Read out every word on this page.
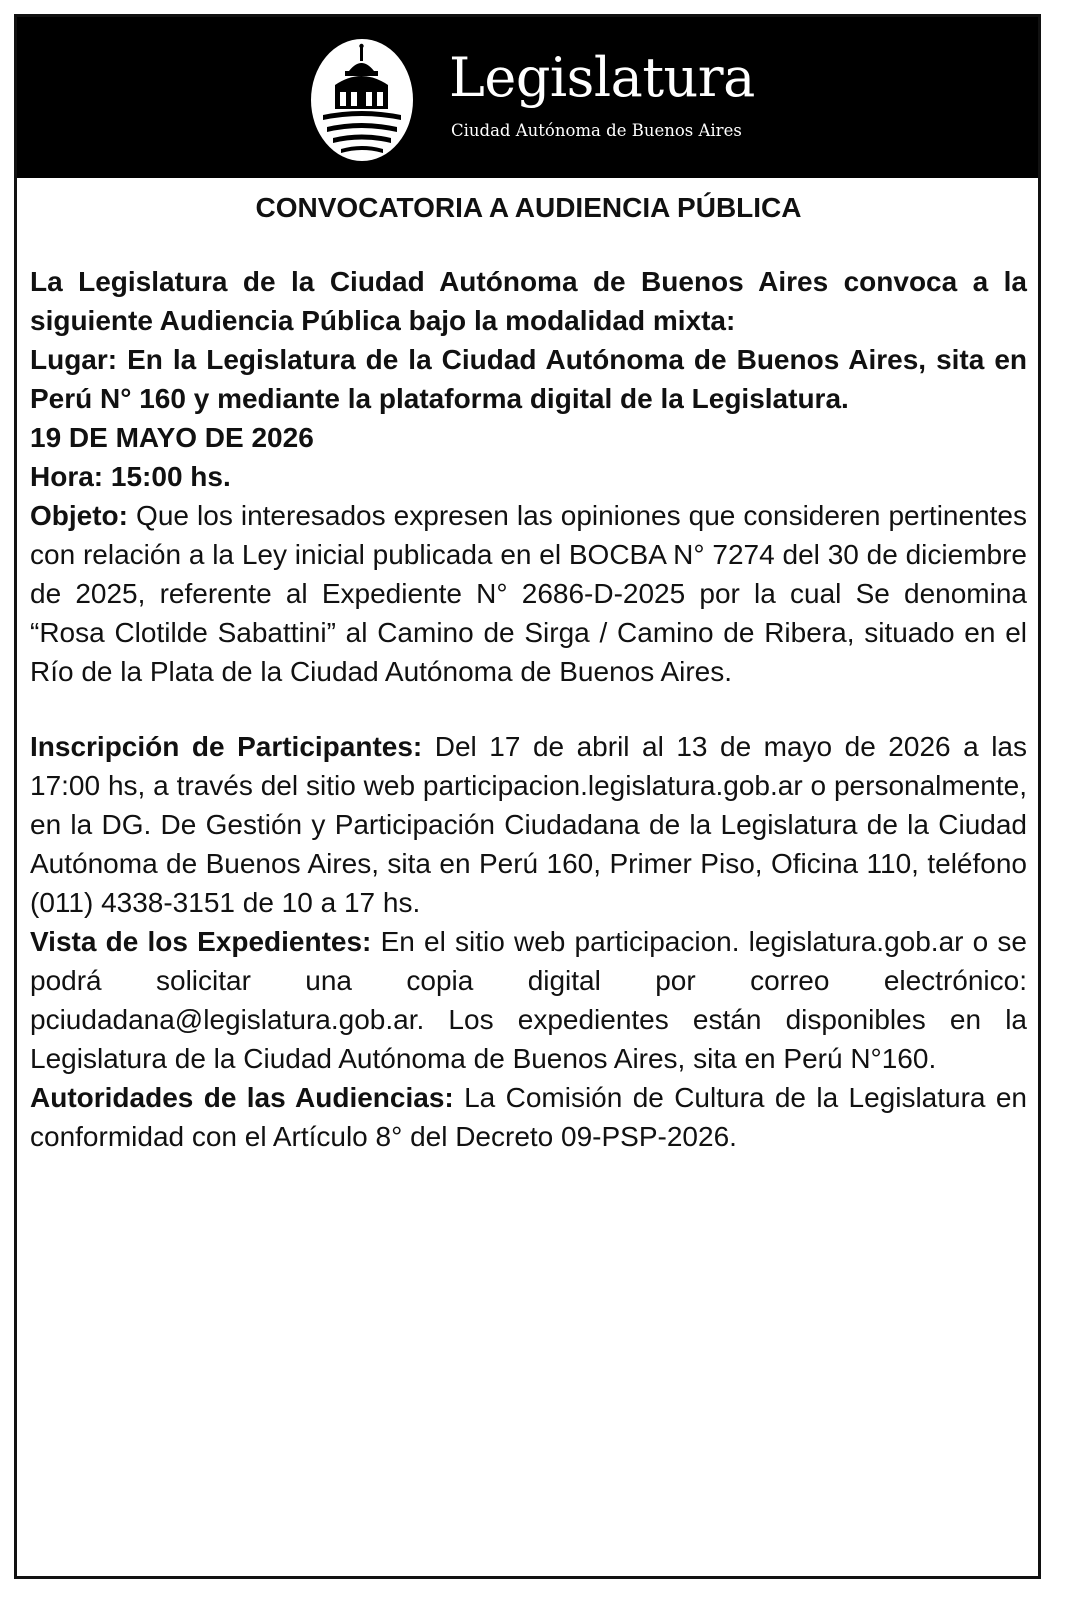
Legislatura
Ciudad Autónoma de Buenos Aires

CONVOCATORIA A AUDIENCIA PÚBLICA

La Legislatura de la Ciudad Autónoma de Buenos Aires convoca a la siguiente Audiencia Pública bajo la modalidad mixta:

Lugar: En la Legislatura de la Ciudad Autónoma de Buenos Aires, sita en Perú N° 160 y mediante la plataforma digital de la Legislatura.

19 DE MAYO DE 2026

Hora: 15:00 hs.

Objeto: Que los interesados expresen las opiniones que consideren pertinentes con relación a la Ley inicial publicada en el BOCBA N° 7274 del 30 de diciembre de 2025, referente al Expediente N° 2686-D-2025 por la cual Se denomina “Rosa Clotilde Sabattini” al Camino de Sirga / Camino de Ribera, situado en el Río de la Plata de la Ciudad Autónoma de Buenos Aires.

Inscripción de Participantes: Del 17 de abril al 13 de mayo de 2026 a las 17:00 hs, a través del sitio web participacion.legislatura.gob.ar o personalmente, en la DG. De Gestión y Participación Ciudadana de la Legislatura de la Ciudad Autónoma de Buenos Aires, sita en Perú 160, Primer Piso, Oficina 110, teléfono (011) 4338-3151 de 10 a 17 hs.

Vista de los Expedientes: En el sitio web participacion. legislatura.gob.ar o se podrá solicitar una copia digital por correo electrónico: pciudadana@legislatura.gob.ar. Los expedientes están disponibles en la Legislatura de la Ciudad Autónoma de Buenos Aires, sita en Perú N°160.

Autoridades de las Audiencias: La Comisión de Cultura de la Legislatura en conformidad con el Artículo 8° del Decreto 09-PSP-2026.
